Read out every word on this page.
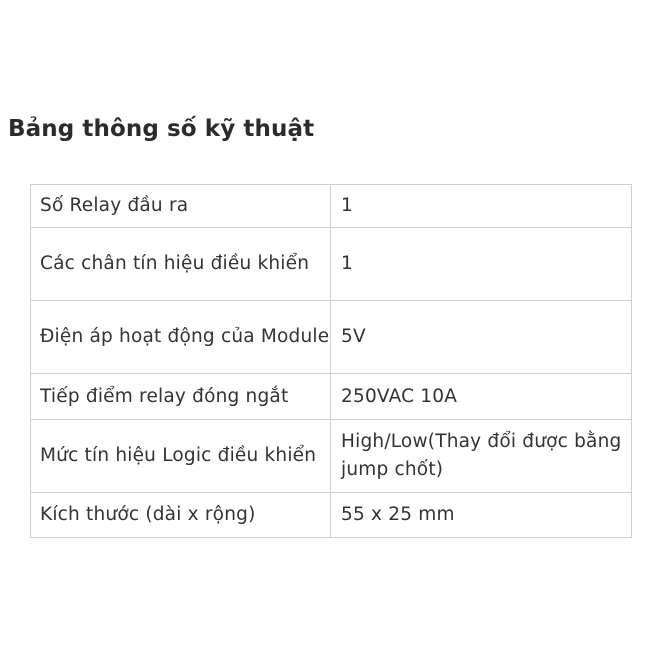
Bảng thông số kỹ thuật
Số Relay đầu ra	1
Các chân tín hiệu điều khiển	1
Điện áp hoạt động của Module	5V
Tiếp điểm relay đóng ngắt	250VAC 10A
Mức tín hiệu Logic điều khiển	High/Low(Thay đổi được bằng jump chốt)
Kích thước (dài x rộng)	55 x 25 mm
